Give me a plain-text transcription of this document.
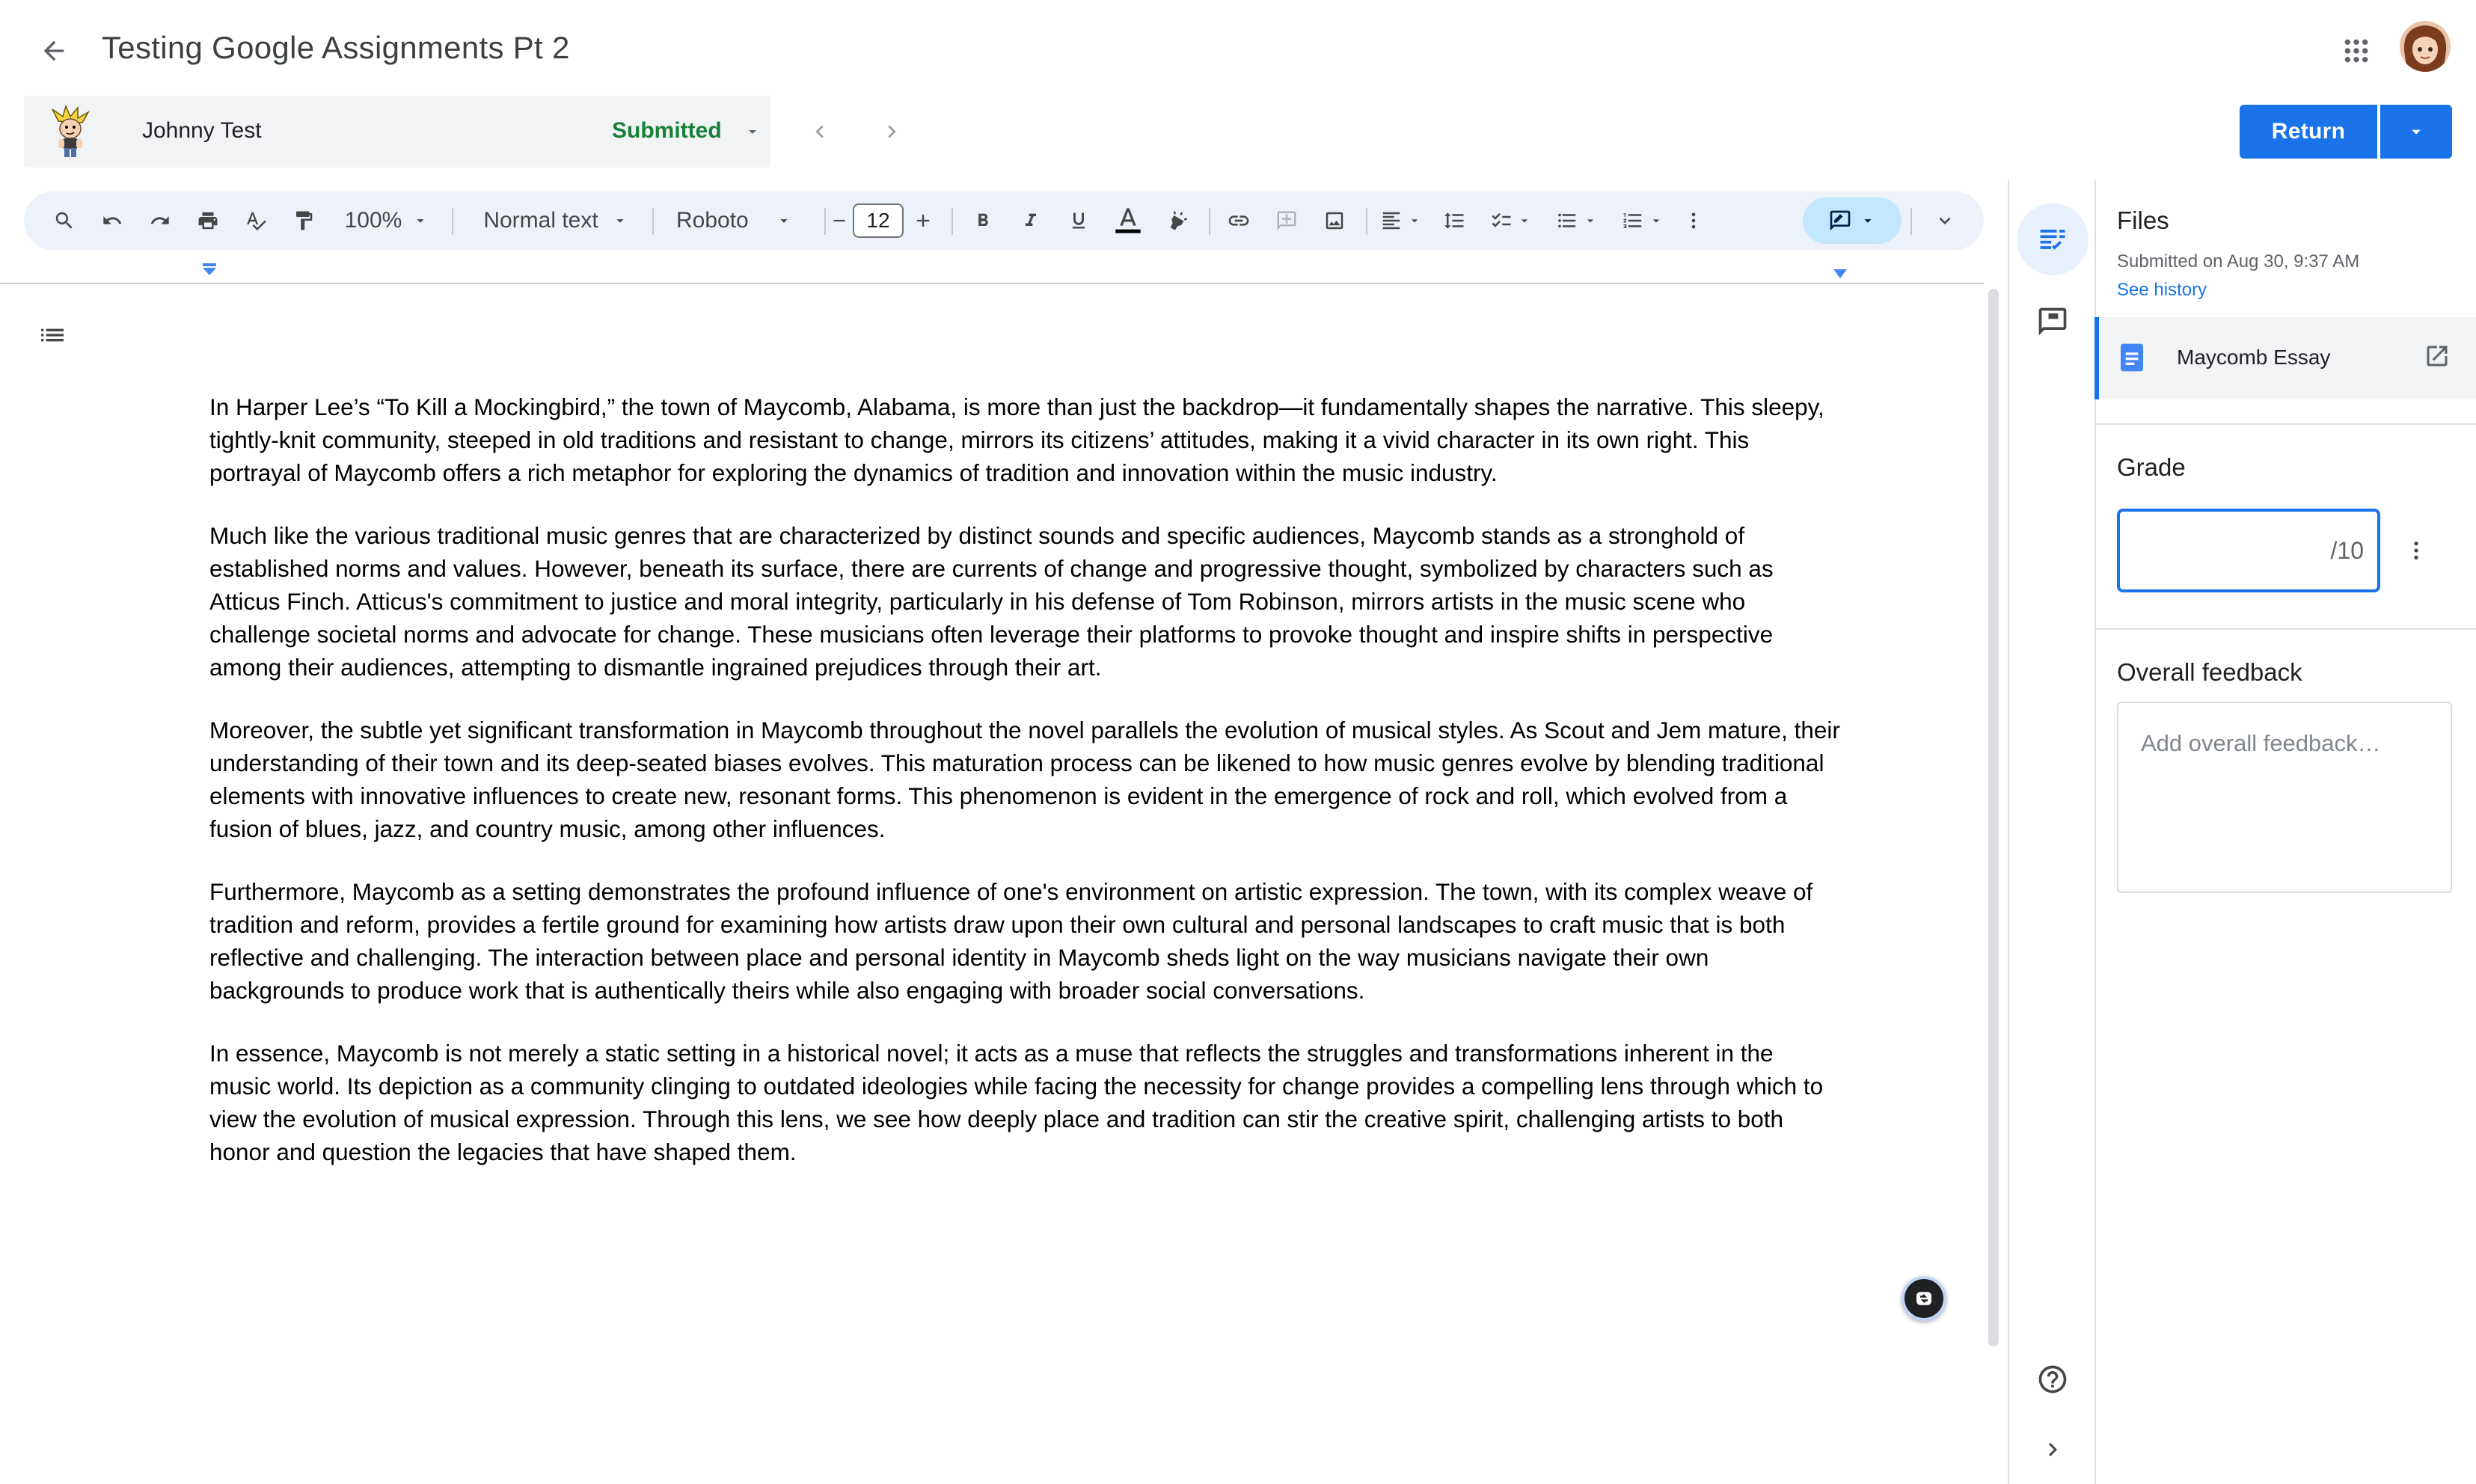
Testing Google Assignments Pt 2
Johnny Test	Submitted	Return
100%	Normal text	Roboto	12

In Harper Lee’s “To Kill a Mockingbird,” the town of Maycomb, Alabama, is more than just the backdrop—it fundamentally shapes the narrative. This sleepy, tightly-knit community, steeped in old traditions and resistant to change, mirrors its citizens’ attitudes, making it a vivid character in its own right. This portrayal of Maycomb offers a rich metaphor for exploring the dynamics of tradition and innovation within the music industry.

Much like the various traditional music genres that are characterized by distinct sounds and specific audiences, Maycomb stands as a stronghold of established norms and values. However, beneath its surface, there are currents of change and progressive thought, symbolized by characters such as Atticus Finch. Atticus's commitment to justice and moral integrity, particularly in his defense of Tom Robinson, mirrors artists in the music scene who challenge societal norms and advocate for change. These musicians often leverage their platforms to provoke thought and inspire shifts in perspective among their audiences, attempting to dismantle ingrained prejudices through their art.

Moreover, the subtle yet significant transformation in Maycomb throughout the novel parallels the evolution of musical styles. As Scout and Jem mature, their understanding of their town and its deep-seated biases evolves. This maturation process can be likened to how music genres evolve by blending traditional elements with innovative influences to create new, resonant forms. This phenomenon is evident in the emergence of rock and roll, which evolved from a fusion of blues, jazz, and country music, among other influences.

Furthermore, Maycomb as a setting demonstrates the profound influence of one's environment on artistic expression. The town, with its complex weave of tradition and reform, provides a fertile ground for examining how artists draw upon their own cultural and personal landscapes to craft music that is both reflective and challenging. The interaction between place and personal identity in Maycomb sheds light on the way musicians navigate their own backgrounds to produce work that is authentically theirs while also engaging with broader social conversations.

In essence, Maycomb is not merely a static setting in a historical novel; it acts as a muse that reflects the struggles and transformations inherent in the music world. Its depiction as a community clinging to outdated ideologies while facing the necessity for change provides a compelling lens through which to view the evolution of musical expression. Through this lens, we see how deeply place and tradition can stir the creative spirit, challenging artists to both honor and question the legacies that have shaped them.

Files
Submitted on Aug 30, 9:37 AM
See history
Maycomb Essay
Grade
/10
Overall feedback
Add overall feedback…
